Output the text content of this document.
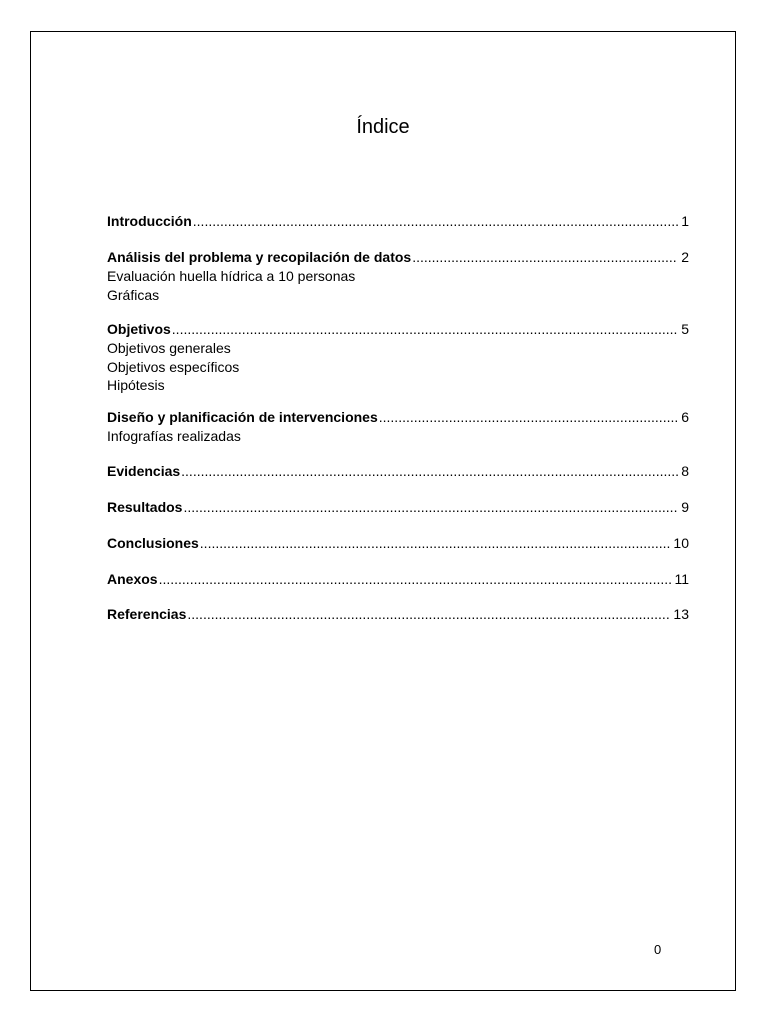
Índice
Introducción .....	1
Análisis del problema y recopilación de datos .....	2
Evaluación huella hídrica a 10 personas
Gráficas
Objetivos .....	5
Objetivos generales
Objetivos específicos
Hipótesis
Diseño y planificación de intervenciones .....	6
Infografías realizadas
Evidencias .....	8
Resultados .....	9
Conclusiones .....	10
Anexos .....	11
Referencias .....	13
0
